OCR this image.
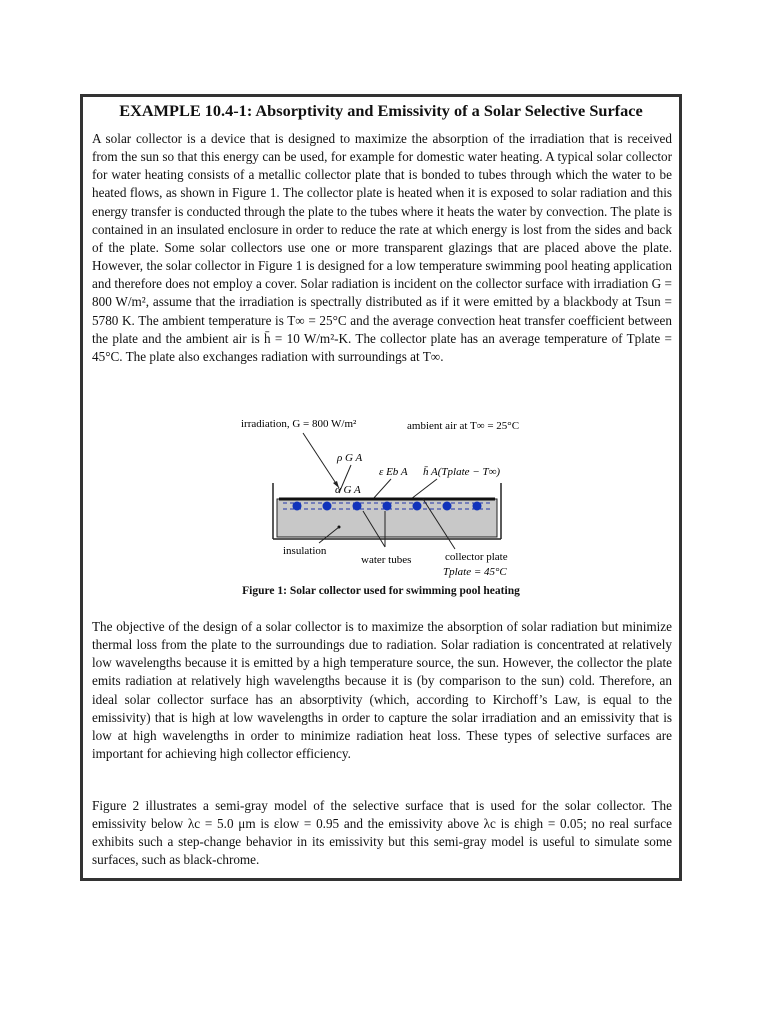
EXAMPLE 10.4-1: Absorptivity and Emissivity of a Solar Selective Surface

A solar collector is a device that is designed to maximize the absorption of the irradiation that is received from the sun so that this energy can be used, for example for domestic water heating. A typical solar collector for water heating consists of a metallic collector plate that is bonded to tubes through which the water to be heated flows, as shown in Figure 1. The collector plate is heated when it is exposed to solar radiation and this energy transfer is conducted through the plate to the tubes where it heats the water by convection. The plate is contained in an insulated enclosure in order to reduce the rate at which energy is lost from the sides and back of the plate. Some solar collectors use one or more transparent glazings that are placed above the plate. However, the solar collector in Figure 1 is designed for a low temperature swimming pool heating application and therefore does not employ a cover. Solar radiation is incident on the collector surface with irradiation G = 800 W/m², assume that the irradiation is spectrally distributed as if it were emitted by a blackbody at Tsun = 5780 K. The ambient temperature is T∞ = 25°C and the average convection heat transfer coefficient between the plate and the ambient air is h̄ = 10 W/m²-K. The collector plate has an average temperature of Tplate = 45°C. The plate also exchanges radiation with surroundings at T∞.

irradiation, G = 800 W/m²	ambient air at T∞ = 25°C
ρ G A
α G A
ε Eb A h̄ A(Tplate − T∞)
insulation
water tubes	collector plate
Tplate = 45°C

Figure 1: Solar collector used for swimming pool heating

The objective of the design of a solar collector is to maximize the absorption of solar radiation but minimize thermal loss from the plate to the surroundings due to radiation. Solar radiation is concentrated at relatively low wavelengths because it is emitted by a high temperature source, the sun. However, the collector the plate emits radiation at relatively high wavelengths because it is (by comparison to the sun) cold. Therefore, an ideal solar collector surface has an absorptivity (which, according to Kirchoff’s Law, is equal to the emissivity) that is high at low wavelengths in order to capture the solar irradiation and an emissivity that is low at high wavelengths in order to minimize radiation heat loss. These types of selective surfaces are important for achieving high collector efficiency.

Figure 2 illustrates a semi-gray model of the selective surface that is used for the solar collector. The emissivity below λc = 5.0 μm is εlow = 0.95 and the emissivity above λc is εhigh = 0.05; no real surface exhibits such a step-change behavior in its emissivity but this semi-gray model is useful to simulate some surfaces, such as black-chrome.
